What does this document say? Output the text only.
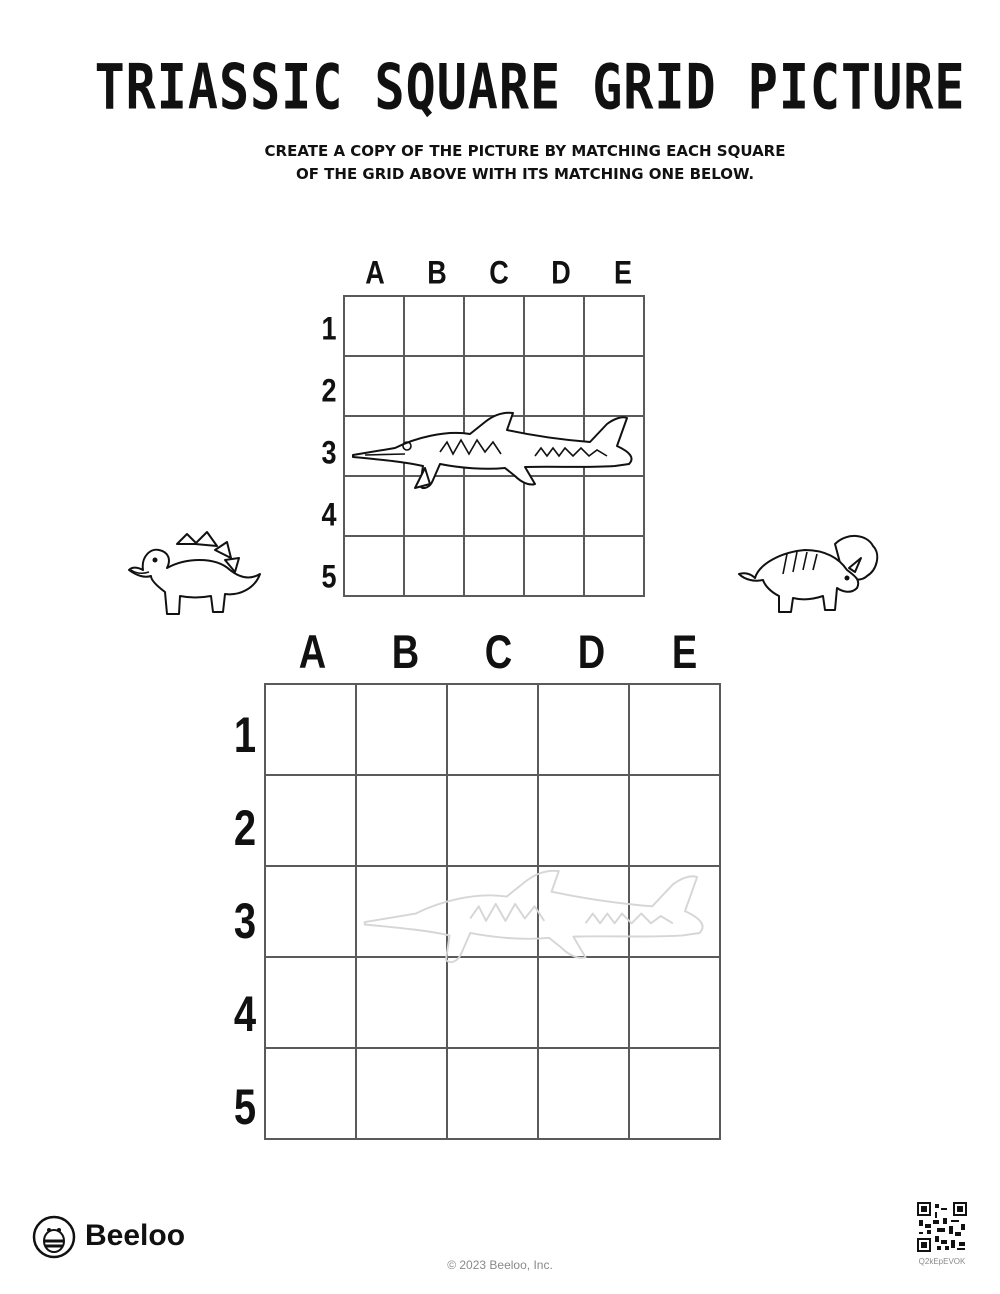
TRIASSIC SQUARE GRID PICTURE
CREATE A COPY OF THE PICTURE BY MATCHING EACH SQUARE
OF THE GRID ABOVE WITH ITS MATCHING ONE BELOW.
A	B	C	D	E
1
2
3
4
5

A	B	C	D	E
1
2
3
4
5

Beeloo
© 2023 Beeloo, Inc.	Q2kEpEVOK
